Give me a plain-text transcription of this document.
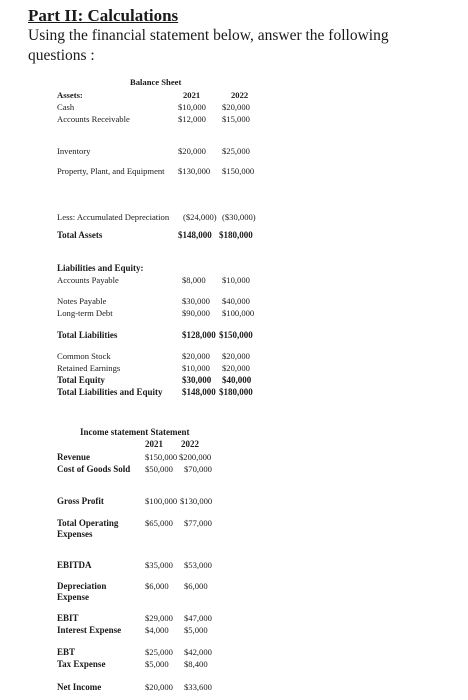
Part II: Calculations
Using the financial statement below, answer the following questions :
Balance Sheet
2021	2022
Assets:
Cash	$10,000 $20,000
Accounts Receivable	$12,000 $15,000
Inventory	$20,000 $25,000
Property, Plant, and Equipment $130,000 $150,000
Less: Accumulated Depreciation ($24,000) ($30,000)
Total Assets	$148,000 $180,000
Liabilities and Equity:
Accounts Payable	$8,000 $10,000
Notes Payable	$30,000 $40,000
Long-term Debt	$90,000 $100,000
Total Liabilities	$128,000 $150,000
Common Stock	$20,000 $20,000
Retained Earnings	$10,000 $20,000
Total Equity	$30,000 $40,000
Total Liabilities and Equity $148,000 $180,000
Income statement Statement
2021 2022
Revenue	$150,000 $200,000
Cost of Goods Sold $50,000 $70,000
Gross Profit	$100,000 $130,000
Total Operating
Expenses
$65,000 $77,000
EBITDA	$35,000 $53,000
Depreciation
Expense
$6,000 $6,000
EBIT	$29,000 $47,000
Interest Expense	$4,000 $5,000
EBT	$25,000 $42,000
Tax Expense	$5,000 $8,400
Net Income	$20,000 $33,600
